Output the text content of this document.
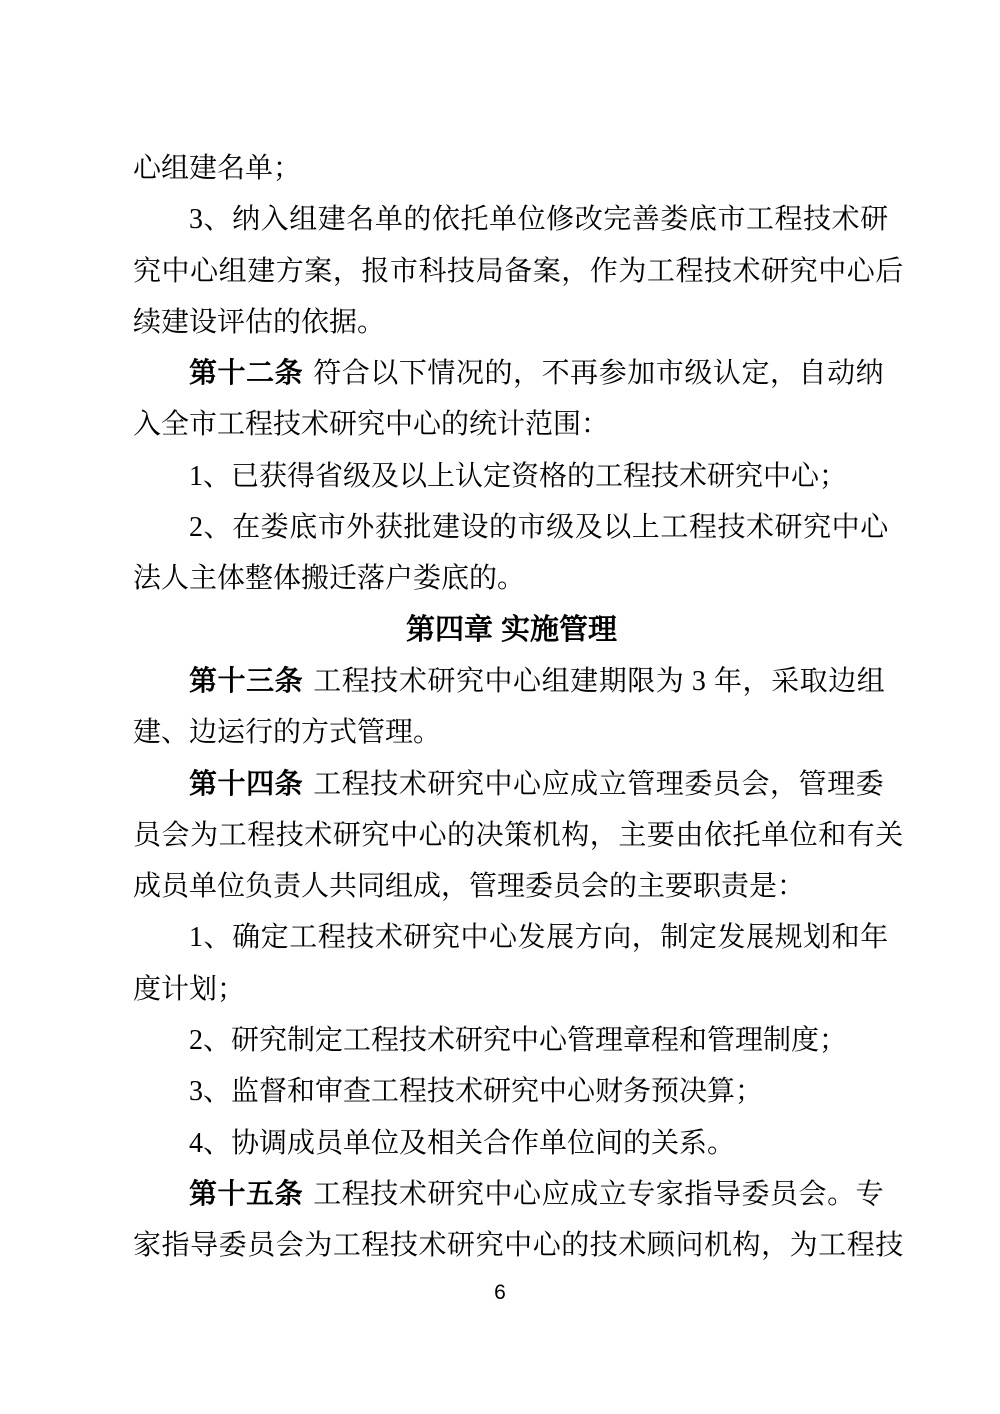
心组建名单；
3、纳入组建名单的依托单位修改完善娄底市工程技术研
究中心组建方案，报市科技局备案，作为工程技术研究中心后
续建设评估的依据。
第十二条 符合以下情况的，不再参加市级认定，自动纳
入全市工程技术研究中心的统计范围：
1、已获得省级及以上认定资格的工程技术研究中心；
2、在娄底市外获批建设的市级及以上工程技术研究中心
法人主体整体搬迁落户娄底的。
第四章 实施管理
第十三条 工程技术研究中心组建期限为 3 年，采取边组
建、边运行的方式管理。
第十四条 工程技术研究中心应成立管理委员会，管理委
员会为工程技术研究中心的决策机构，主要由依托单位和有关
成员单位负责人共同组成，管理委员会的主要职责是：
1、确定工程技术研究中心发展方向，制定发展规划和年
度计划；
2、研究制定工程技术研究中心管理章程和管理制度；
3、监督和审查工程技术研究中心财务预决算；
4、协调成员单位及相关合作单位间的关系。
第十五条 工程技术研究中心应成立专家指导委员会。专
家指导委员会为工程技术研究中心的技术顾问机构，为工程技
6
